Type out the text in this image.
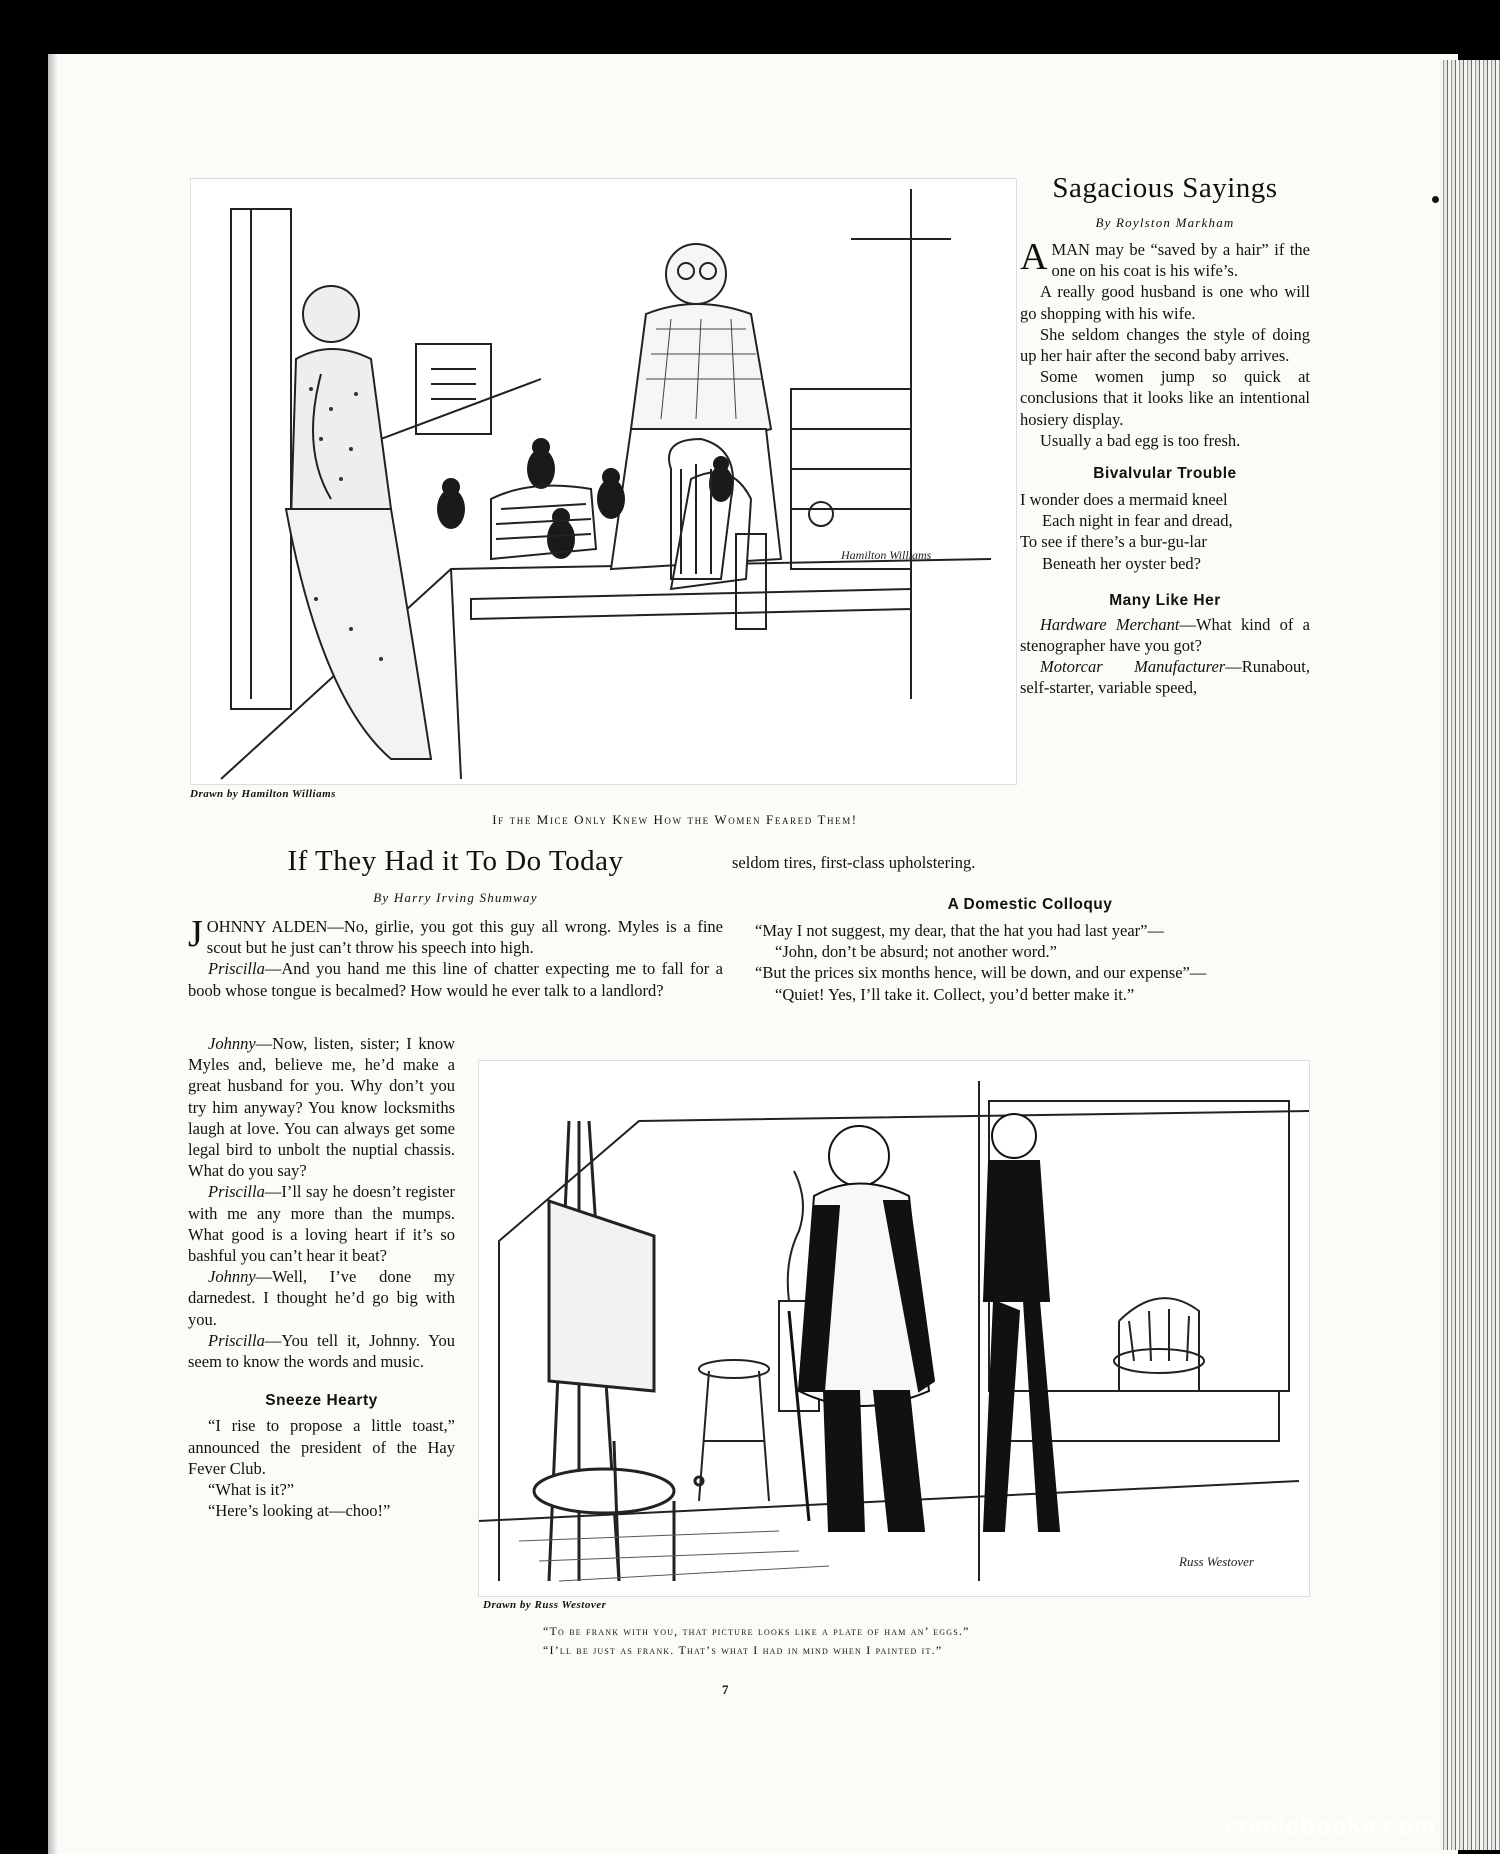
Hamilton Williams
Drawn by Hamilton Williams
If the Mice Only Knew How the Women Feared Them!
Sagacious Sayings
By Roylston Markham

AMAN may be “saved by a hair” if the one on his coat is his wife’s.

A really good husband is one who will go shopping with his wife.

She seldom changes the style of doing up her hair after the second baby arrives.

Some women jump so quick at conclusions that it looks like an intentional hosiery display.

Usually a bad egg is too fresh.

Bivalvular Trouble

I wonder does a mermaid kneel

Each night in fear and dread,

To see if there’s a bur-gu-lar

Beneath her oyster bed?

Many Like Her

Hardware Merchant—What kind of a stenographer have you got?

Motorcar Manufacturer—Runabout, self-starter, variable speed,

seldom tires, first-class upholstering.
A Domestic Colloquy

“May I not suggest, my dear, that the hat you had last year”—

“John, don’t be absurd; not another word.”

“But the prices six months hence, will be down, and our expense”—

“Quiet! Yes, I’ll take it. Collect, you’d better make it.”

If They Had it To Do Today
By Harry Irving Shumway

JOHNNY ALDEN—No, girlie, you got this guy all wrong. Myles is a fine scout but he just can’t throw his speech into high.

Priscilla—And you hand me this line of chatter expecting me to fall for a boob whose tongue is becalmed? How would he ever talk to a landlord?

Johnny—Now, listen, sister; I know Myles and, believe me, he’d make a great husband for you. Why don’t you try him anyway? You know locksmiths laugh at love. You can always get some legal bird to unbolt the nuptial chassis. What do you say?

Priscilla—I’ll say he doesn’t register with me any more than the mumps. What good is a loving heart if it’s so bashful you can’t hear it beat?

Johnny—Well, I’ve done my darnedest. I thought he’d go big with you.

Priscilla—You tell it, Johnny. You seem to know the words and music.

Sneeze Hearty

“I rise to propose a little toast,” announced the president of the Hay Fever Club.

“What is it?”

“Here’s looking at—choo!”

Russ Westover
Drawn by Russ Westover
“To be frank with you, that picture looks like a plate of ham an’ eggs.”
“I’ll be just as frank. That’s what I had in mind when I painted it.”
7
comicbooks.com
